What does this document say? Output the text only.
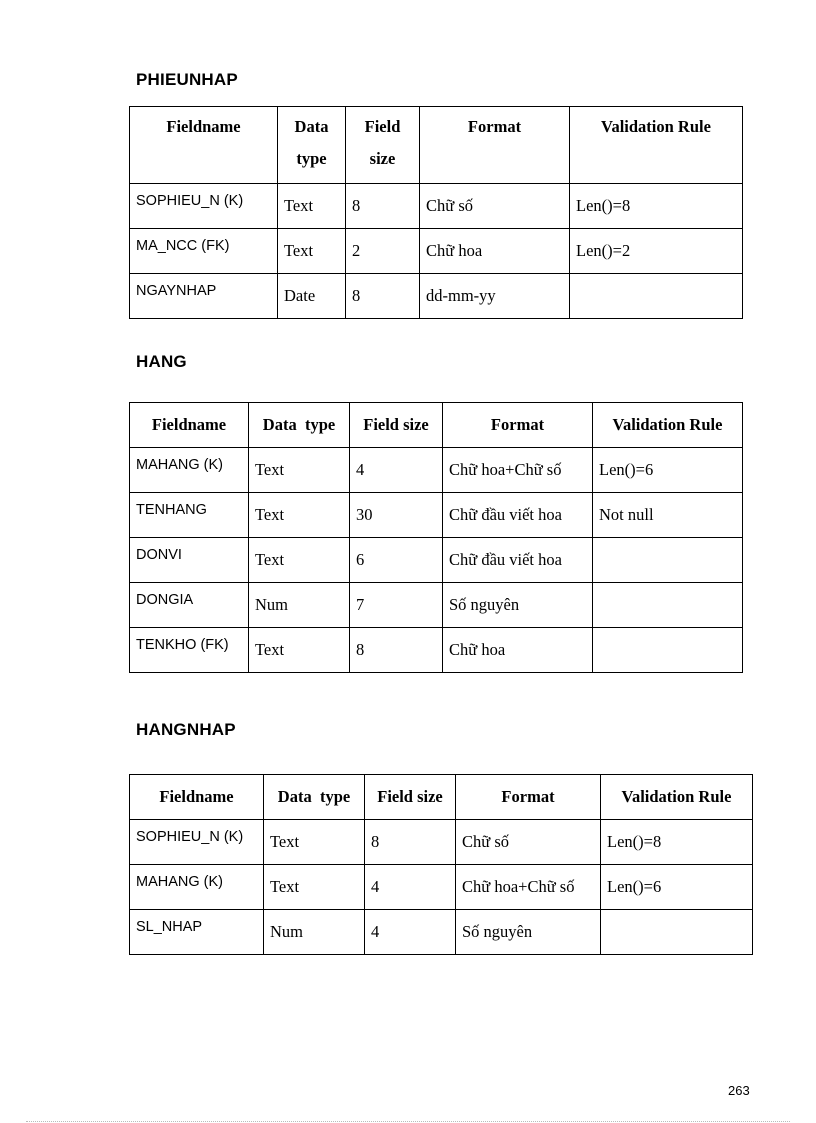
PHIEUNHAP
Fieldname	Data type	Field size	Format	Validation Rule
SOPHIEU_N (K)	Text	8	Chữ số	Len()=8
MA_NCC (FK)	Text	2	Chữ hoa	Len()=2
NGAYNHAP	Date	8	dd-mm-yy	
HANG
Fieldname	Data  type	Field size	Format	Validation Rule
MAHANG (K)	Text	4	Chữ hoa+Chữ số	Len()=6
TENHANG	Text	30	Chữ đầu viết hoa	Not null
DONVI	Text	6	Chữ đầu viết hoa	
DONGIA	Num	7	Số nguyên	
TENKHO (FK)	Text	8	Chữ hoa	
HANGNHAP
Fieldname	Data  type	Field size	Format	Validation Rule
SOPHIEU_N (K)	Text	8	Chữ số	Len()=8
MAHANG (K)	Text	4	Chữ hoa+Chữ số	Len()=6
SL_NHAP	Num	4	Số nguyên	
263
